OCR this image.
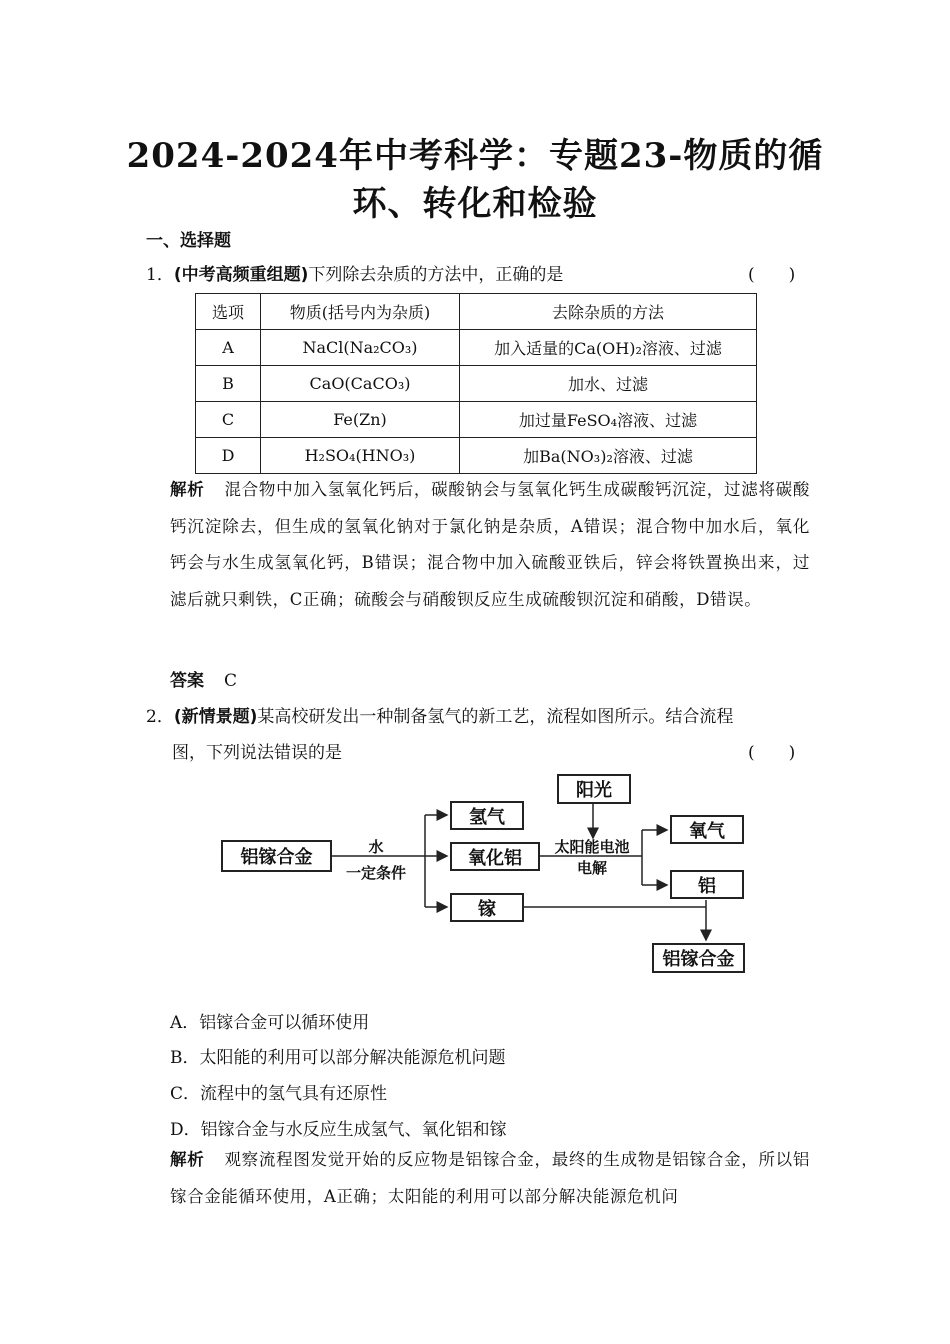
2024-2024年中考科学：专题23-物质的循
环、转化和检验
一、选择题
1．(中考高频重组题)下列除去杂质的方法中，正确的是	(　　)
选项	物质(括号内为杂质)	去除杂质的方法
A	NaCl(Na₂CO₃)	加入适量的Ca(OH)₂溶液、过滤
B	CaO(CaCO₃)	加水、过滤
C	Fe(Zn)	加过量FeSO₄溶液、过滤
D	H₂SO₄(HNO₃)	加Ba(NO₃)₂溶液、过滤
解析 混合物中加入氢氧化钙后，碳酸钠会与氢氧化钙生成碳酸钙沉淀，过滤将碳酸钙沉淀除去，但生成的氢氧化钠对于氯化钠是杂质，A错误；混合物中加水后，氧化钙会与水生成氢氧化钙，B错误；混合物中加入硫酸亚铁后，锌会将铁置换出来，过滤后就只剩铁，C正确；硫酸会与硝酸钡反应生成硫酸钡沉淀和硝酸，D错误。
答案 C
2．(新情景题)某高校研发出一种制备氢气的新工艺，流程如图所示。结合流程
图，下列说法错误的是	(　　)
铝镓合金	水
一定条件
氢气
氧化铝
镓
阳光
太阳能电池
电解
氧气
铝
铝镓合金
A．铝镓合金可以循环使用
B．太阳能的利用可以部分解决能源危机问题
C．流程中的氢气具有还原性
D．铝镓合金与水反应生成氢气、氧化铝和镓
解析 观察流程图发觉开始的反应物是铝镓合金，最终的生成物是铝镓合金，所以铝镓合金能循环使用，A正确；太阳能的利用可以部分解决能源危机问
